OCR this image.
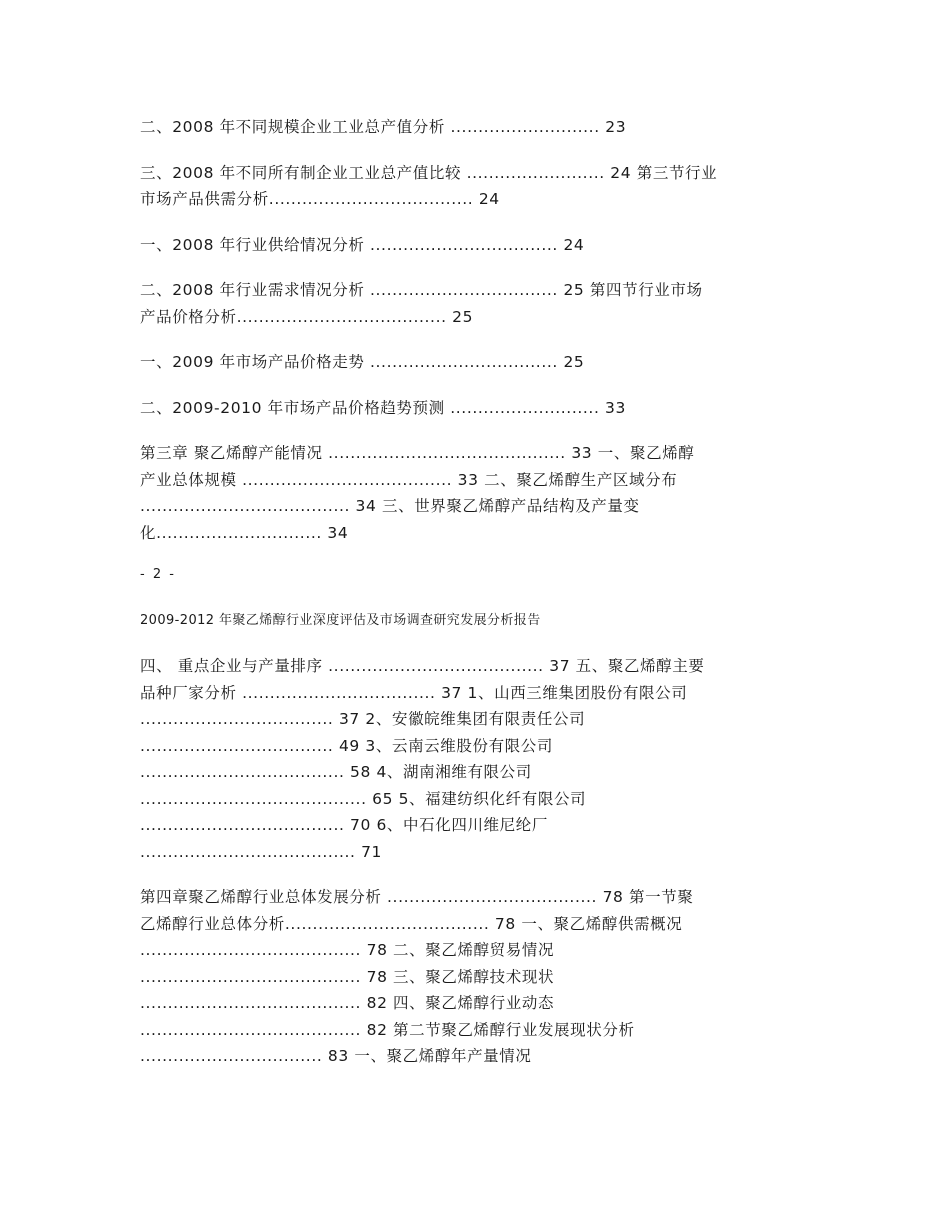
二、2008 年不同规模企业工业总产值分析 ........................... 23
三、2008 年不同所有制企业工业总产值比较 ......................... 24 第三节行业
市场产品供需分析..................................... 24
一、2008 年行业供给情况分析 .................................. 24
二、2008 年行业需求情况分析 .................................. 25 第四节行业市场
产品价格分析...................................... 25
一、2009 年市场产品价格走势 .................................. 25
二、2009-2010 年市场产品价格趋势预测 ........................... 33
第三章 聚乙烯醇产能情况 ........................................... 33 一、聚乙烯醇
产业总体规模 ...................................... 33 二、聚乙烯醇生产区域分布
...................................... 34 三、世界聚乙烯醇产品结构及产量变
化.............................. 34
- 2 -
2009-2012 年聚乙烯醇行业深度评估及市场调查研究发展分析报告
四、 重点企业与产量排序 ....................................... 37 五、聚乙烯醇主要
品种厂家分析 ................................... 37 1、山西三维集团股份有限公司
................................... 37 2、安徽皖维集团有限责任公司
................................... 49 3、云南云维股份有限公司
..................................... 58 4、湖南湘维有限公司
......................................... 65 5、福建纺织化纤有限公司
..................................... 70 6、中石化四川维尼纶厂
....................................... 71
第四章聚乙烯醇行业总体发展分析 ...................................... 78 第一节聚
乙烯醇行业总体分析..................................... 78 一、聚乙烯醇供需概况
........................................ 78 二、聚乙烯醇贸易情况
........................................ 78 三、聚乙烯醇技术现状
........................................ 82 四、聚乙烯醇行业动态
........................................ 82 第二节聚乙烯醇行业发展现状分析
................................. 83 一、聚乙烯醇年产量情况
